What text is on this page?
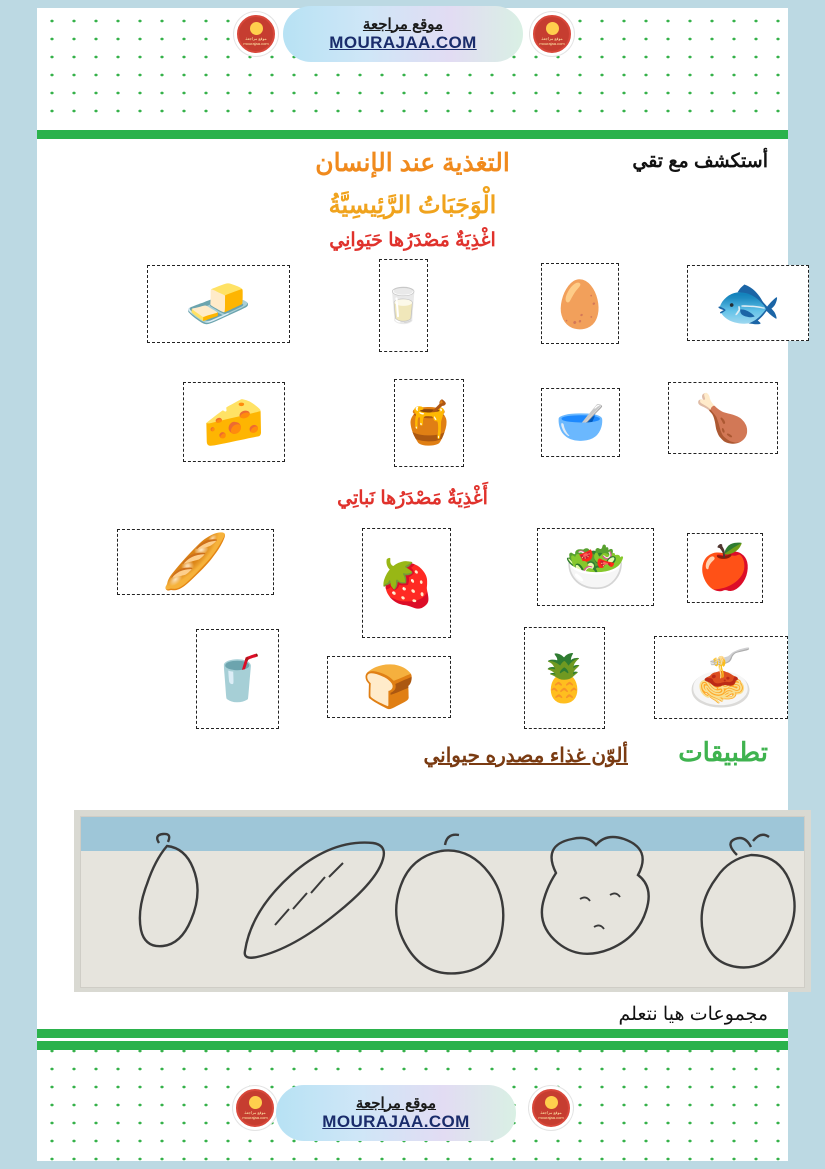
أستكشف مع تقي
التغذية عند الإنسان
الْوَجَبَاتُ الرَّئِيسِيَّةُ
اغْذِيَةٌ مَصْدَرُها حَيَوانِي
🧈	🥛	🥚 🐟
🧀	🍯	🥣 🍗
أَغْذِيَةٌ مَصْدَرُها نَباتِي
🥖	🍓	🥗 🍎
🥤 🍞	🍍 🍝
تطبيقات
ألوّن غذاء مصدره حيواني
مجموعات هيا نتعلم
موقع مراجعة mourajaa.com
موقع مراجعة mourajaa.com
موقع مراجعة
MOURAJAA.COM
موقع مراجعة mourajaa.com
موقع مراجعة mourajaa.com
موقع مراجعة
MOURAJAA.COM
